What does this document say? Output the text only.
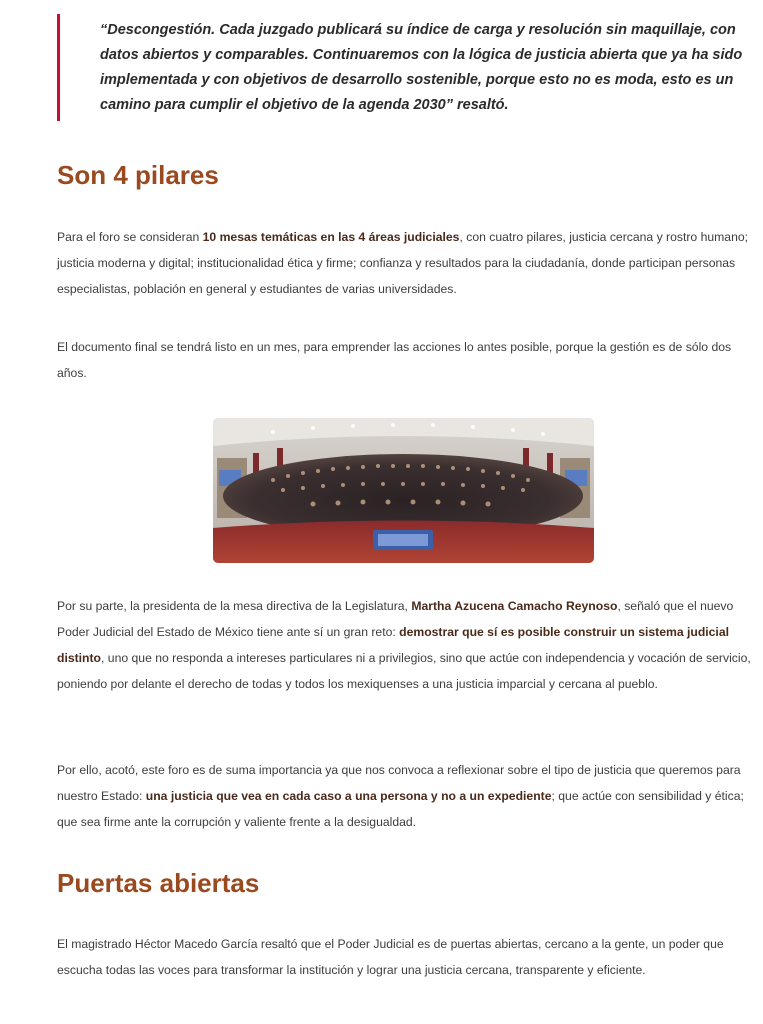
“Descongestión. Cada juzgado publicará su índice de carga y resolución sin maquillaje, con datos abiertos y comparables. Continuaremos con la lógica de justicia abierta que ya ha sido implementada y con objetivos de desarrollo sostenible, porque esto no es moda, esto es un camino para cumplir el objetivo de la agenda 2030” resaltó.

Son 4 pilares

Para el foro se consideran 10 mesas temáticas en las 4 áreas judiciales, con cuatro pilares, justicia cercana y rostro humano; justicia moderna y digital; institucionalidad ética y firme; confianza y resultados para la ciudadanía, donde participan personas especialistas, población en general y estudiantes de varias universidades.

El documento final se tendrá listo en un mes, para emprender las acciones lo antes posible, porque la gestión es de sólo dos años.

Por su parte, la presidenta de la mesa directiva de la Legislatura, Martha Azucena Camacho Reynoso, señaló que el nuevo Poder Judicial del Estado de México tiene ante sí un gran reto: demostrar que sí es posible construir un sistema judicial distinto, uno que no responda a intereses particulares ni a privilegios, sino que actúe con independencia y vocación de servicio, poniendo por delante el derecho de todas y todos los mexiquenses a una justicia imparcial y cercana al pueblo.

Por ello, acotó, este foro es de suma importancia ya que nos convoca a reflexionar sobre el tipo de justicia que queremos para nuestro Estado: una justicia que vea en cada caso a una persona y no a un expediente; que actúe con sensibilidad y ética; que sea firme ante la corrupción y valiente frente a la desigualdad.

Puertas abiertas

El magistrado Héctor Macedo García resaltó que el Poder Judicial es de puertas abiertas, cercano a la gente, un poder que escucha todas las voces para transformar la institución y lograr una justicia cercana, transparente y eficiente.
